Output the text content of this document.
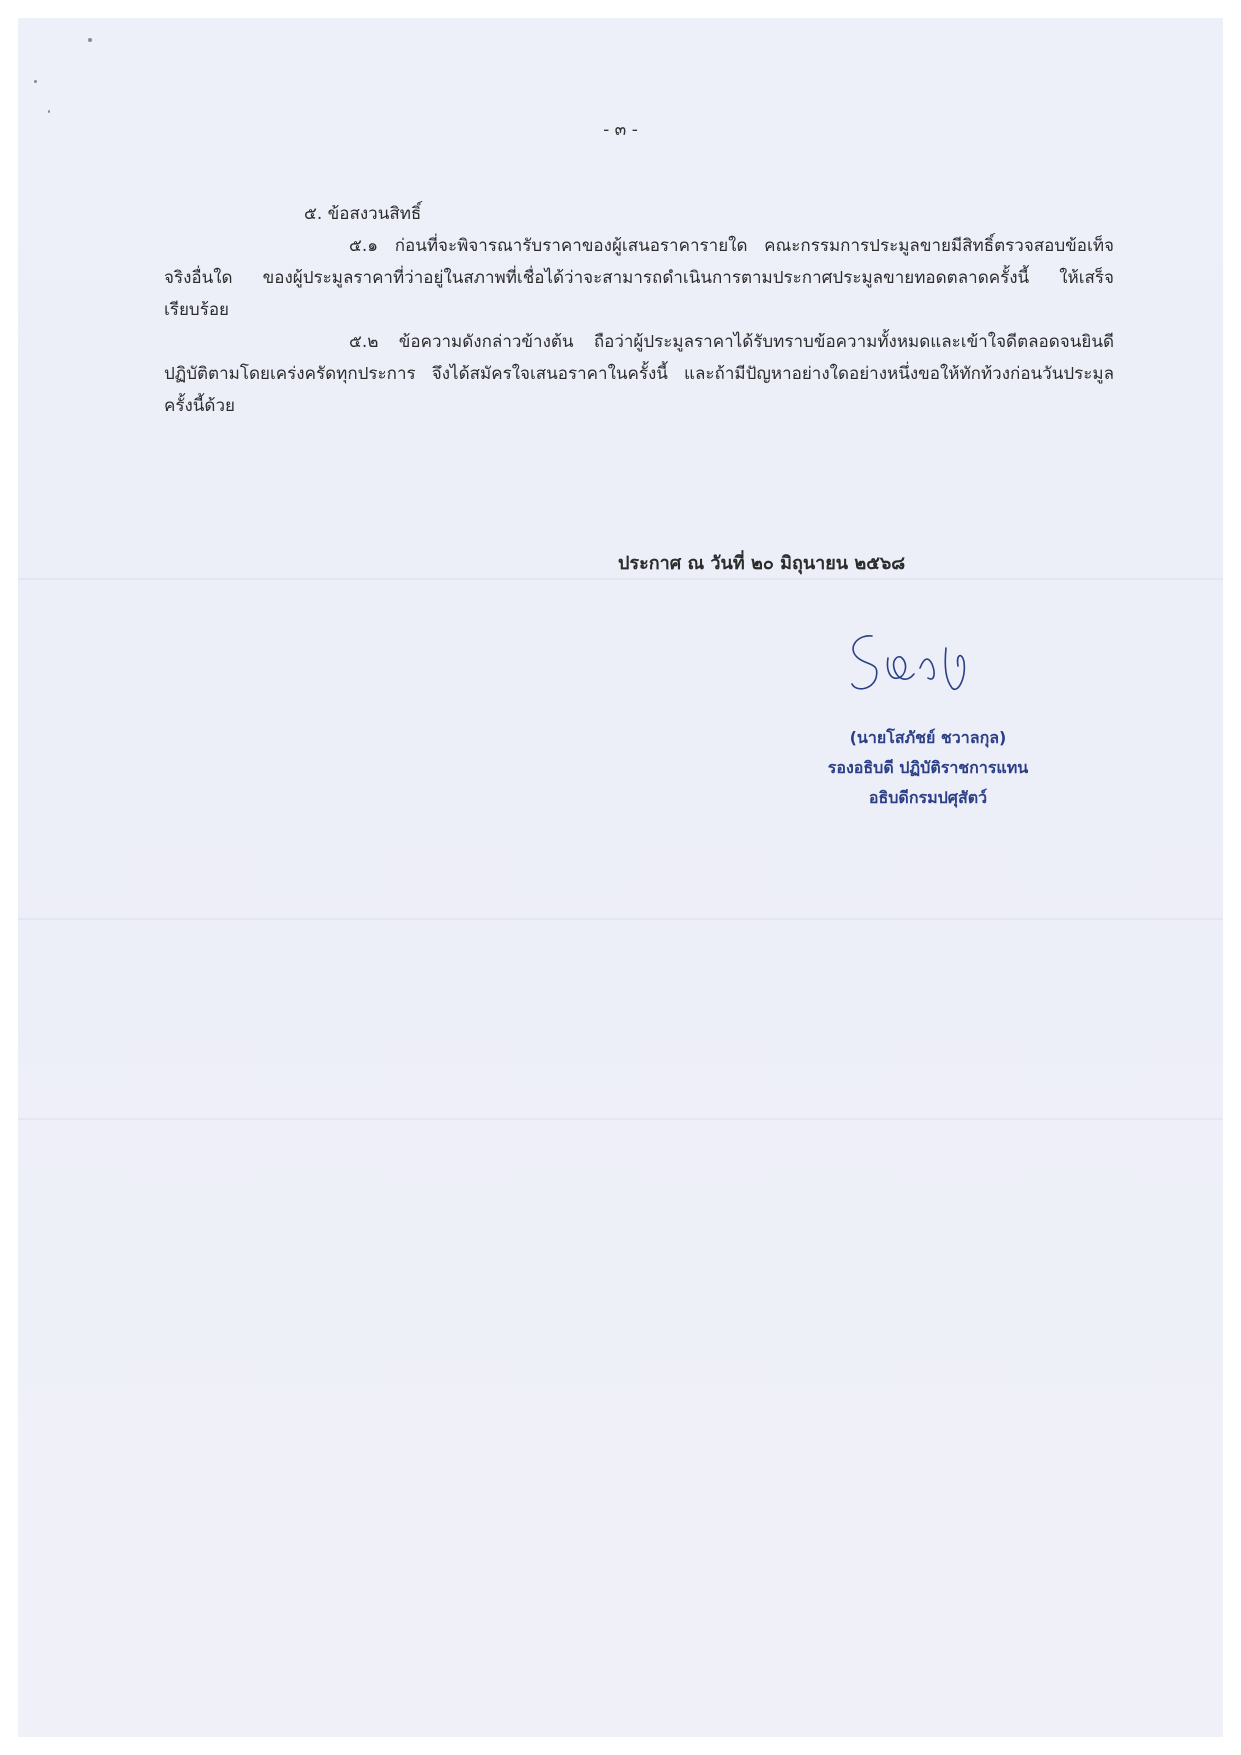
- ๓ -
๕. ข้อสงวนสิทธิ์

๕.๑ ก่อนที่จะพิจารณารับราคาของผู้เสนอราคารายใด คณะกรรมการประมูลขายมีสิทธิ์ตรวจสอบข้อเท็จจริงอื่นใด ของผู้ประมูลราคาที่ว่าอยู่ในสภาพที่เชื่อได้ว่าจะสามารถดำเนินการตามประกาศประมูลขายทอดตลาดครั้งนี้ ให้เสร็จเรียบร้อย

๕.๒ ข้อความดังกล่าวข้างต้น ถือว่าผู้ประมูลราคาได้รับทราบข้อความทั้งหมดและเข้าใจดีตลอดจนยินดีปฏิบัติตามโดยเคร่งครัดทุกประการ จึงได้สมัครใจเสนอราคาในครั้งนี้ และถ้ามีปัญหาอย่างใดอย่างหนึ่งขอให้ทักท้วงก่อนวันประมูลครั้งนี้ด้วย

ประกาศ ณ วันที่ ๒๐ มิถุนายน ๒๕๖๘
(นายโสภัชย์ ชวาลกุล)
รองอธิบดี ปฏิบัติราชการแทน
อธิบดีกรมปศุสัตว์
